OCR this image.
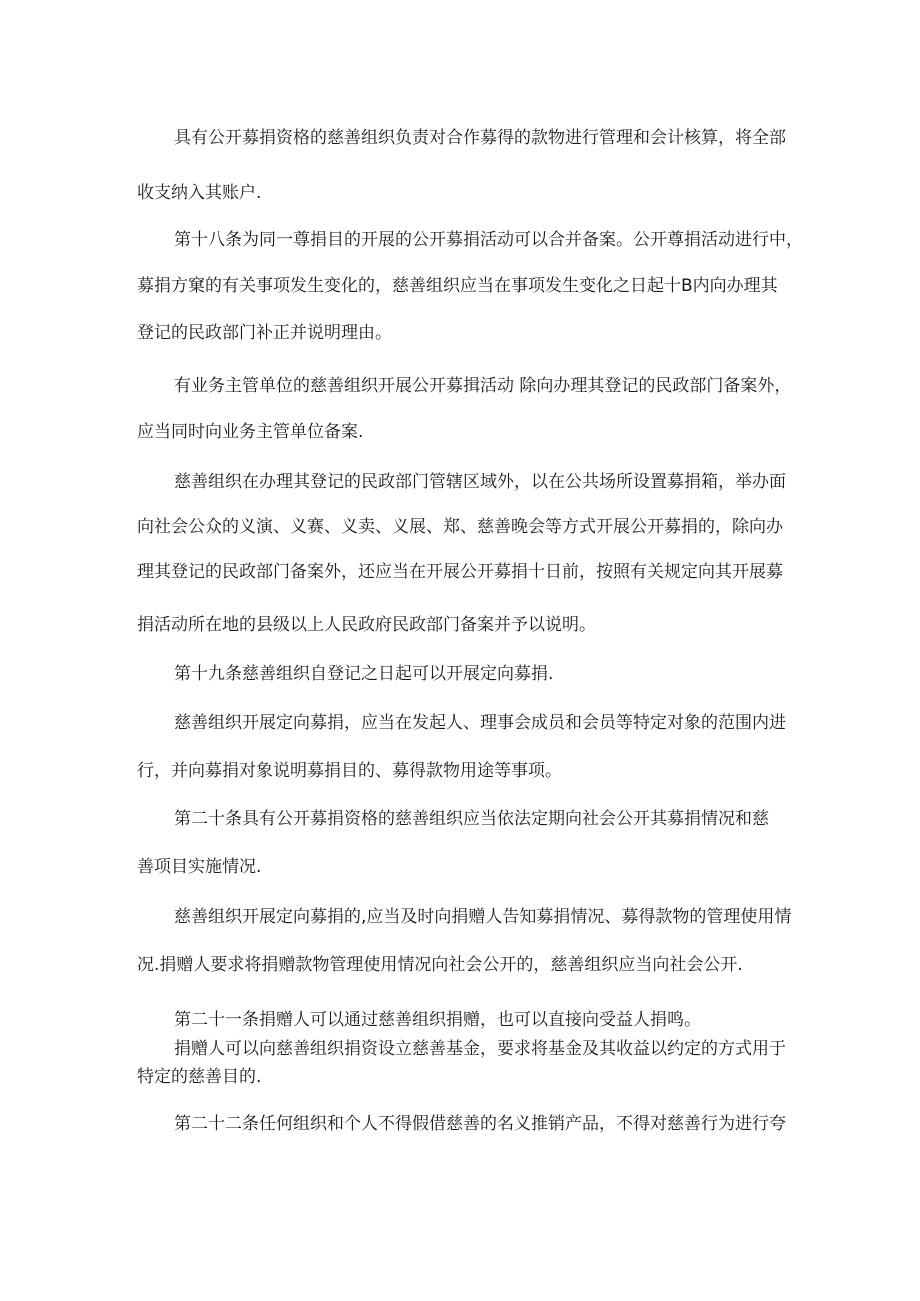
具有公开募捐资格的慈善组织负责对合作募得的款物进行管理和会计核算，将全部

收支纳入其账户.

第十八条为同一尊捐目的开展的公开募捐活动可以合并备案。公开尊捐活动进行中，

募捐方窠的有关事项发生变化的，慈善组织应当在事项发生变化之日起十B内向办理其

登记的民政部门补正并说明理由。

有业务主管单位的慈善组织开展公开募揖活动 除向办理其登记的民政部门备案外，

应当同时向业务主管单位备案.

慈善组织在办理其登记的民政部门管辖区域外，以在公共场所设置募捐箱，举办面

向社会公众的义演、义赛、义卖、义展、郑、慈善晚会等方式开展公开募捐的，除向办

理其登记的民政部门备案外，还应当在开展公开募捐十日前，按照有关规定向其开展募

捐活动所在地的县级以上人民政府民政部门备案并予以说明。

第十九条慈善组织自登记之日起可以开展定向募捐.

慈善组织开展定向募捐，应当在发起人、理事会成员和会员等特定对象的范围内进

行，并向募捐对象说明募捐目的、募得款物用途等事项。

第二十条具有公开募捐资格的慈善组织应当依法定期向社会公开其募捐情况和慈

善项目实施情况.

慈善组织开展定向募捐的,应当及时向捐赠人告知募捐情况、募得款物的管理使用情

况.捐赠人要求将捐赠款物管理使用情况向社会公开的，慈善组织应当向社会公开.

第二十一条捐赠人可以通过慈善组织捐赠，也可以直接向受益人捐鸣。

捐赠人可以向慈善组织捐资设立慈善基金，要求将基金及其收益以约定的方式用于

特定的慈善目的.

第二十二条任何组织和个人不得假借慈善的名义推销产品，不得对慈善行为进行夸
